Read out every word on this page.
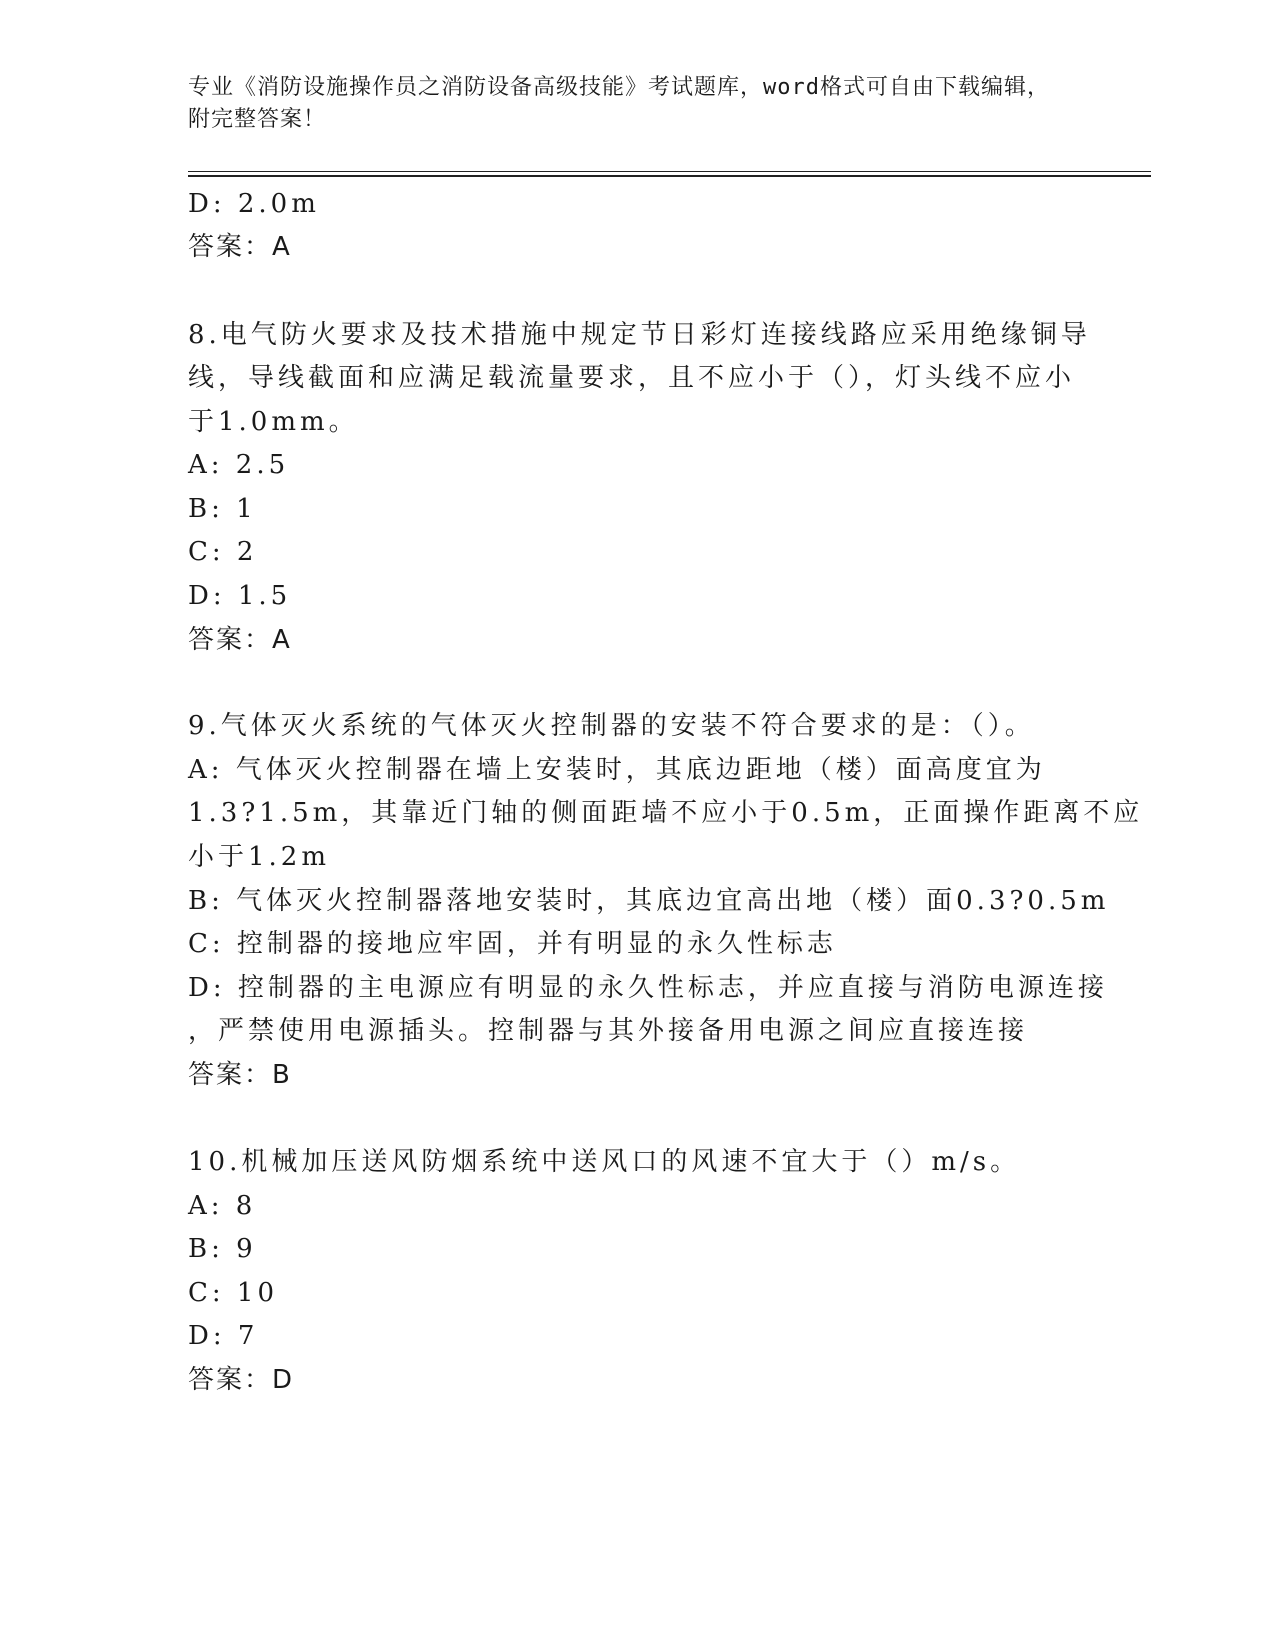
专业《消防设施操作员之消防设备高级技能》考试题库，word格式可自由下载编辑，附完整答案！
D: 2.0m
答案：A
8.电气防火要求及技术措施中规定节日彩灯连接线路应采用绝缘铜导
线，导线截面和应满足载流量要求，且不应小于（），灯头线不应小
于1.0mm。
A: 2.5
B: 1
C: 2
D: 1.5
答案：A
9.气体灭火系统的气体灭火控制器的安装不符合要求的是：（）。
A: 气体灭火控制器在墙上安装时，其底边距地（楼）面高度宜为
1.3?1.5m，其靠近门轴的侧面距墙不应小于0.5m，正面操作距离不应
小于1.2m
B: 气体灭火控制器落地安装时，其底边宜高出地（楼）面0.3?0.5m
C: 控制器的接地应牢固，并有明显的永久性标志
D: 控制器的主电源应有明显的永久性标志，并应直接与消防电源连接
，严禁使用电源插头。控制器与其外接备用电源之间应直接连接
答案：B
10.机械加压送风防烟系统中送风口的风速不宜大于（）m/s。
A: 8
B: 9
C: 10
D: 7
答案：D
